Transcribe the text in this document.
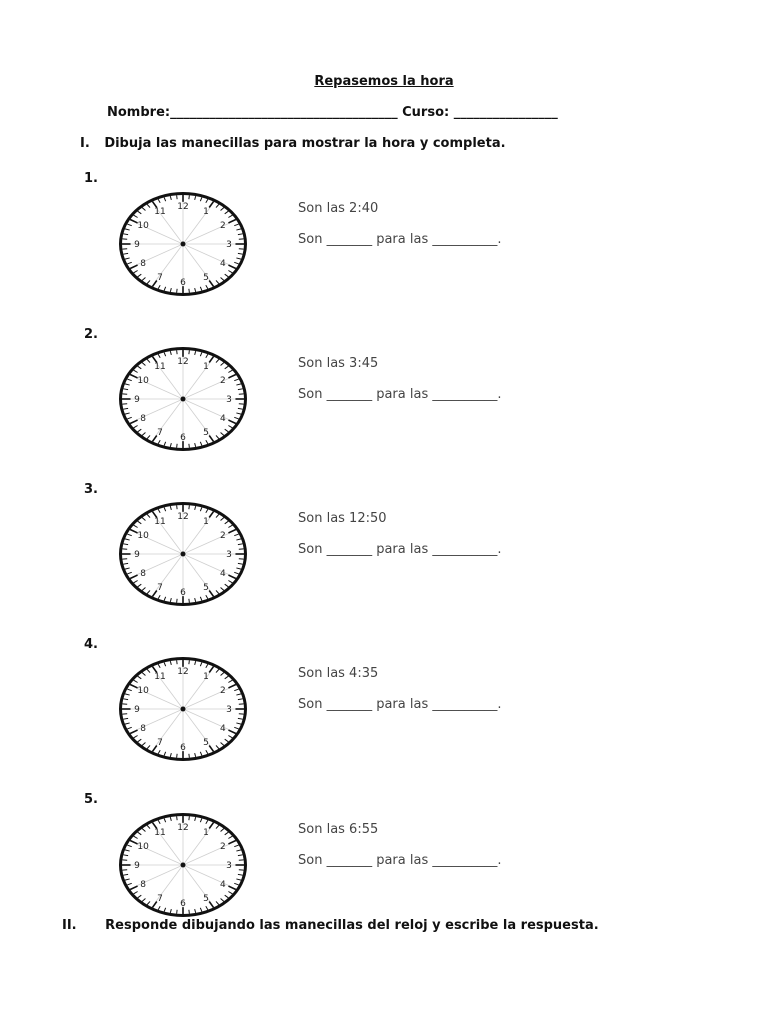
Repasemos la hora
Nombre:___________________________________ Curso: ________________
I. Dibuja las manecillas para mostrar la hora y completa.
1.
12
1
2
3
4
5
6
7
8
9
10
11	Son las 2:40
Son _______ para las __________.
2.
12
1
2
3
4
5
6
7
8
9
10
11	Son las 3:45
Son _______ para las __________.
3.
12
1
2
3
4
5
6
7
8
9
10
11	Son las 12:50
Son _______ para las __________.
4.
12
1
2
3
4
5
6
7
8
9
10
11	Son las 4:35
Son _______ para las __________.
5.
12
1
2
3
4
5
6
7
8
9
10
11	Son las 6:55
Son _______ para las __________.
II. Responde dibujando las manecillas del reloj y escribe la respuesta.
